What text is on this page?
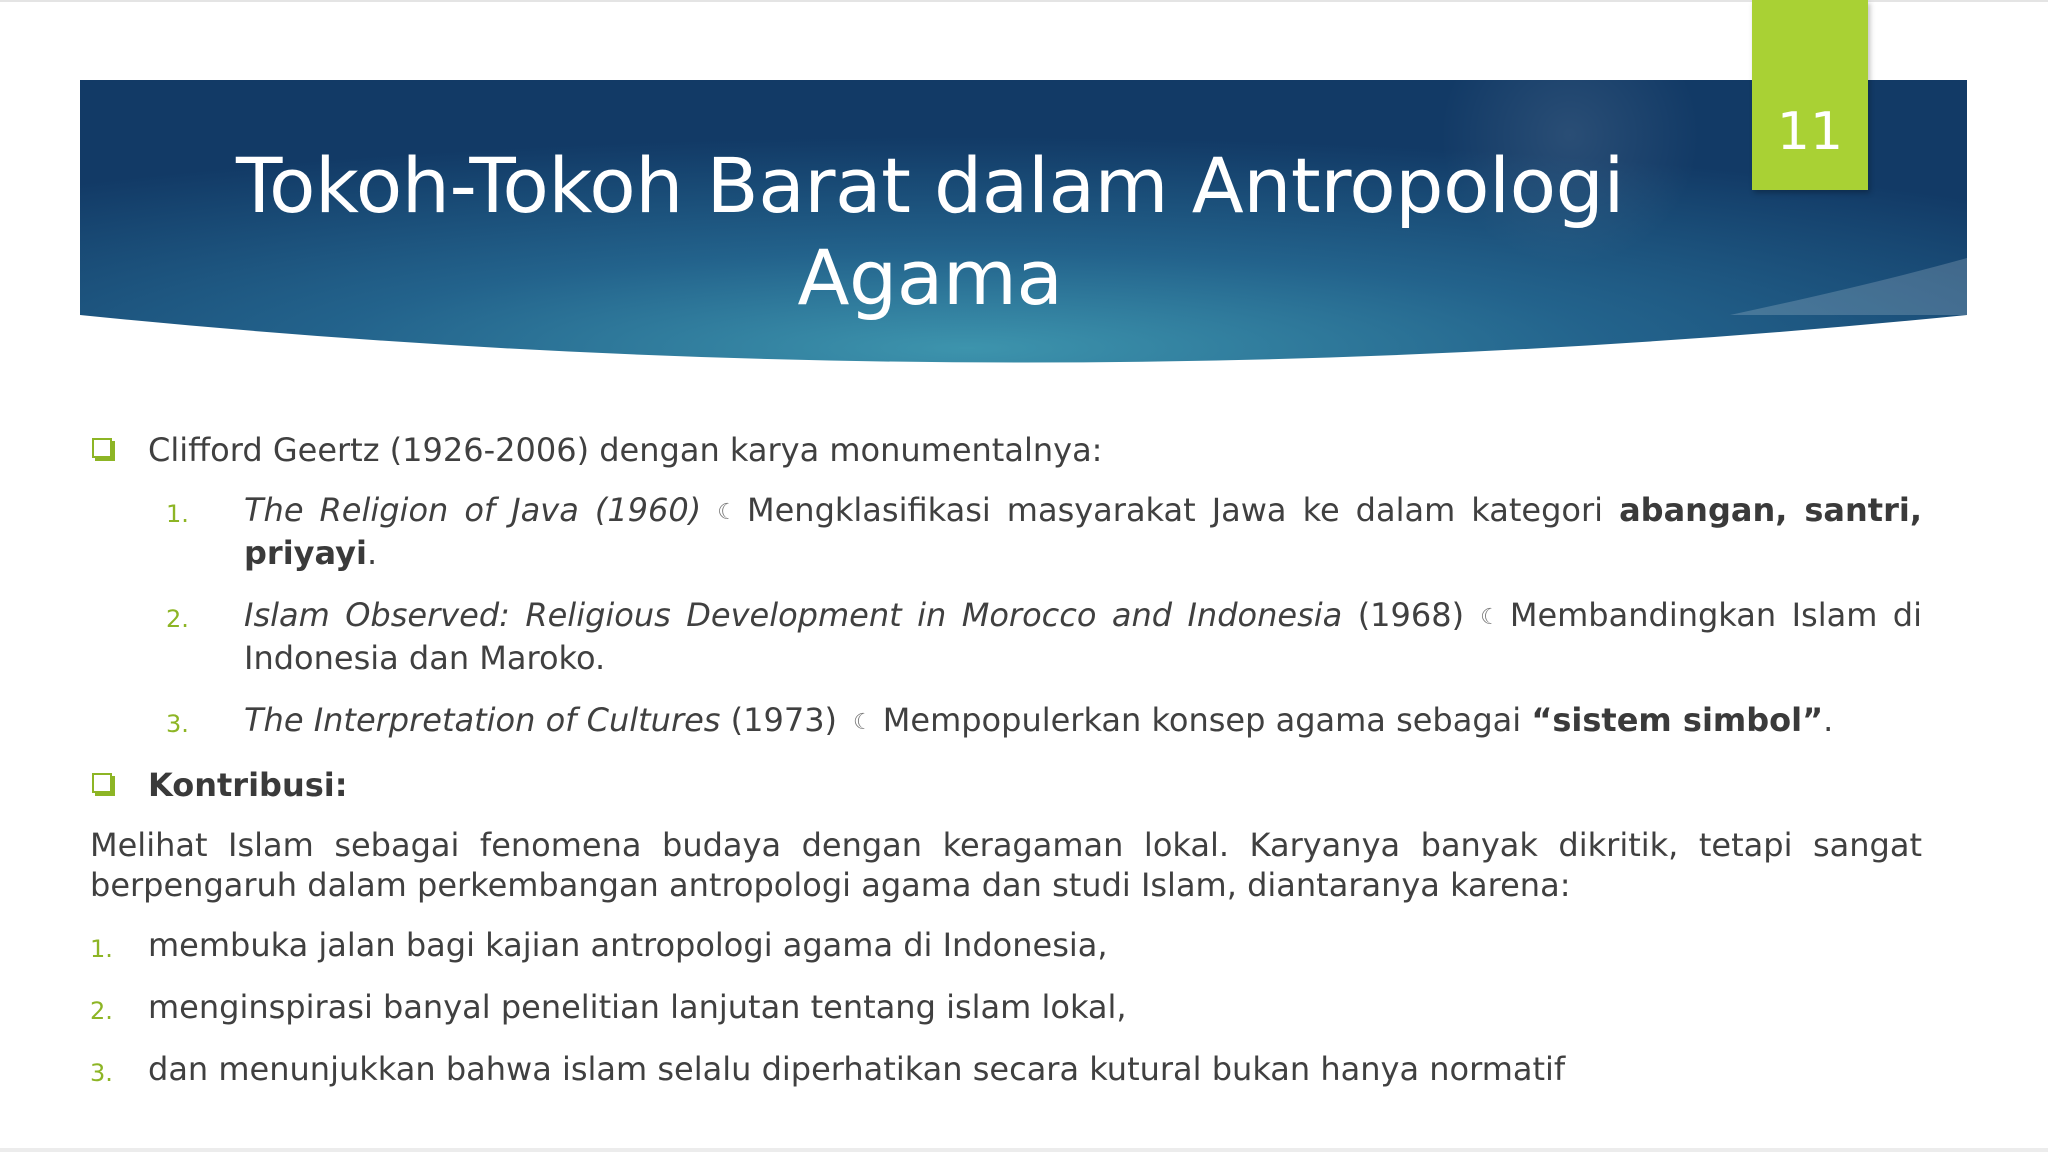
Tokoh-Tokoh Barat dalam Antropologi
Agama
11
Clifford Geertz (1926-2006) dengan karya monumentalnya:
1. The Religion of Java (1960) ☾ Mengklasifikasi masyarakat Jawa ke dalam kategori abangan, santri, priyayi.
2. Islam Observed: Religious Development in Morocco and Indonesia (1968) ☾ Membandingkan Islam di Indonesia dan Maroko.
3. The Interpretation of Cultures (1973) ☾ Mempopulerkan konsep agama sebagai “sistem simbol”.
Kontribusi:
Melihat Islam sebagai fenomena budaya dengan keragaman lokal. Karyanya banyak dikritik, tetapi sangat berpengaruh dalam perkembangan antropologi agama dan studi Islam, diantaranya karena:
1. membuka jalan bagi kajian antropologi agama di Indonesia,
2. menginspirasi banyal penelitian lanjutan tentang islam lokal,
3. dan menunjukkan bahwa islam selalu diperhatikan secara kutural bukan hanya normatif
